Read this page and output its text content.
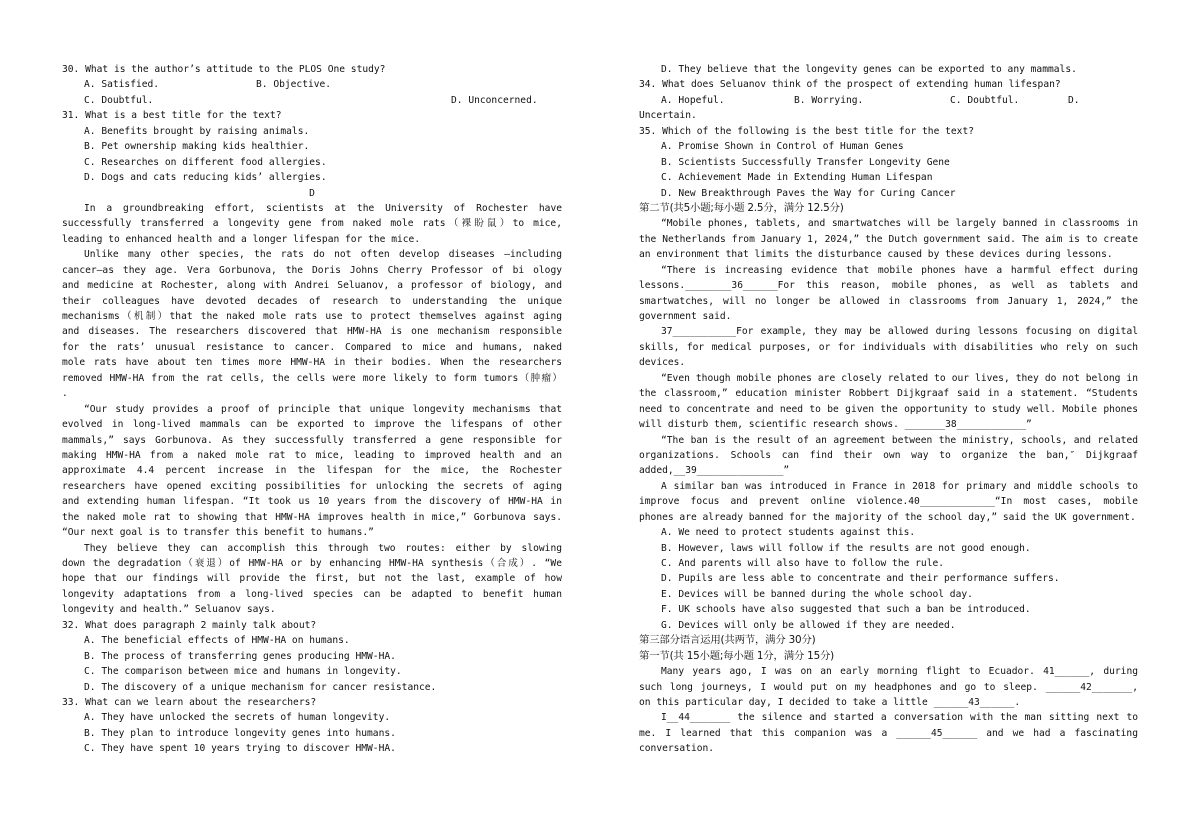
30. What is the author’s attitude to the PLOS One study?
A. Satisfied.	B. Objective.
C. Doubtful.	D. Unconcerned.
31. What is a best title for the text?
A. Benefits brought by raising animals.
B. Pet ownership making kids healthier.
C. Researches on different food allergies.
D. Dogs and cats reducing kids’ allergies.
D
In a groundbreaking effort, scientists at the University of Rochester have
successfully transferred a longevity gene from naked mole rats（裸盼鼠）to mice,
leading to enhanced health and a longer lifespan for the mice.
Unlike many other species, the rats do not often develop diseases —including
cancer—as they age. Vera Gorbunova, the Doris Johns Cherry Professor of bi ology
and medicine at Rochester, along with Andrei Seluanov, a professor of biology, and
their colleagues have devoted decades of research to understanding the unique
mechanisms（机制）that the naked mole rats use to protect themselves against aging
and diseases. The researchers discovered that HMW-HA is one mechanism responsible
for the rats’ unusual resistance to cancer. Compared to mice and humans, naked
mole rats have about ten times more HMW-HA in their bodies. When the researchers
removed HMW-HA from the rat cells, the cells were more likely to form tumors（肿瘤）
.
“Our study provides a proof of principle that unique longevity mechanisms that
evolved in long-lived mammals can be exported to improve the lifespans of other
mammals,” says Gorbunova. As they successfully transferred a gene responsible for
making HMW-HA from a naked mole rat to mice, leading to improved health and an
approximate 4.4 percent increase in the lifespan for the mice, the Rochester
researchers have opened exciting possibilities for unlocking the secrets of aging
and extending human lifespan. “It took us 10 years from the discovery of HMW-HA in
the naked mole rat to showing that HMW-HA improves health in mice,” Gorbunova says.
“Our next goal is to transfer this benefit to humans.”
They believe they can accomplish this through two routes: either by slowing
down the degradation（衰退）of HMW-HA or by enhancing HMW-HA synthesis（合成）. “We
hope that our findings will provide the first, but not the last, example of how
longevity adaptations from a long-lived species can be adapted to benefit human
longevity and health.” Seluanov says.
32. What does paragraph 2 mainly talk about?
A. The beneficial effects of HMW-HA on humans.
B. The process of transferring genes producing HMW-HA.
C. The comparison between mice and humans in longevity.
D. The discovery of a unique mechanism for cancer resistance.
33. What can we learn about the researchers?
A. They have unlocked the secrets of human longevity.
B. They plan to introduce longevity genes into humans.
C. They have spent 10 years trying to discover HMW-HA.
D. They believe that the longevity genes can be exported to any mammals.
34. What does Seluanov think of the prospect of extending human lifespan?
A. Hopeful.	B. Worrying.	C. Doubtful.	D.
Uncertain.
35. Which of the following is the best title for the text?
A. Promise Shown in Control of Human Genes
B. Scientists Successfully Transfer Longevity Gene
C. Achievement Made in Extending Human Lifespan
D. New Breakthrough Paves the Way for Curing Cancer
第二节(共5小题;每小题 2.5分，满分 12.5分)
“Mobile phones, tablets, and smartwatches will be largely banned in classrooms in
the Netherlands from January 1, 2024,” the Dutch government said. The aim is to create
an environment that limits the disturbance caused by these devices during lessons.
“There is increasing evidence that mobile phones have a harmful effect during
lessons.________36______For this reason, mobile phones, as well as tablets and
smartwatches, will no longer be allowed in classrooms from January 1, 2024,” the
government said.
37___________For example, they may be allowed during lessons focusing on digital
skills, for medical purposes, or for individuals with disabilities who rely on such
devices.
“Even though mobile phones are closely related to our lives, they do not belong in
the classroom,” education minister Robbert Dijkgraaf said in a statement. “Students
need to concentrate and need to be given the opportunity to study well. Mobile phones
will disturb them, scientific research shows. _______38____________”
“The ban is the result of an agreement between the ministry, schools, and related
organizations. Schools can find their own way to organize the ban,″ Dijkgraaf
added,__39_______________”
A similar ban was introduced in France in 2018 for primary and middle schools to
improve focus and prevent online violence.40_____________“In most cases, mobile
phones are already banned for the majority of the school day,” said the UK government.
A. We need to protect students against this.
B. However, laws will follow if the results are not good enough.
C. And parents will also have to follow the rule.
D. Pupils are less able to concentrate and their performance suffers.
E. Devices will be banned during the whole school day.
F. UK schools have also suggested that such a ban be introduced.
G. Devices will only be allowed if they are needed.
第三部分语言运用(共两节，满分 30分)
第一节(共 15小题;每小题 1分，满分 15分)
Many years ago, I was on an early morning flight to Ecuador. 41______, during
such long journeys, I would put on my headphones and go to sleep. ______42_______,
on this particular day, I decided to take a little ______43______.
I__44_______ the silence and started a conversation with the man sitting next to
me. I learned that this companion was a ______45______ and we had a fascinating
conversation.
